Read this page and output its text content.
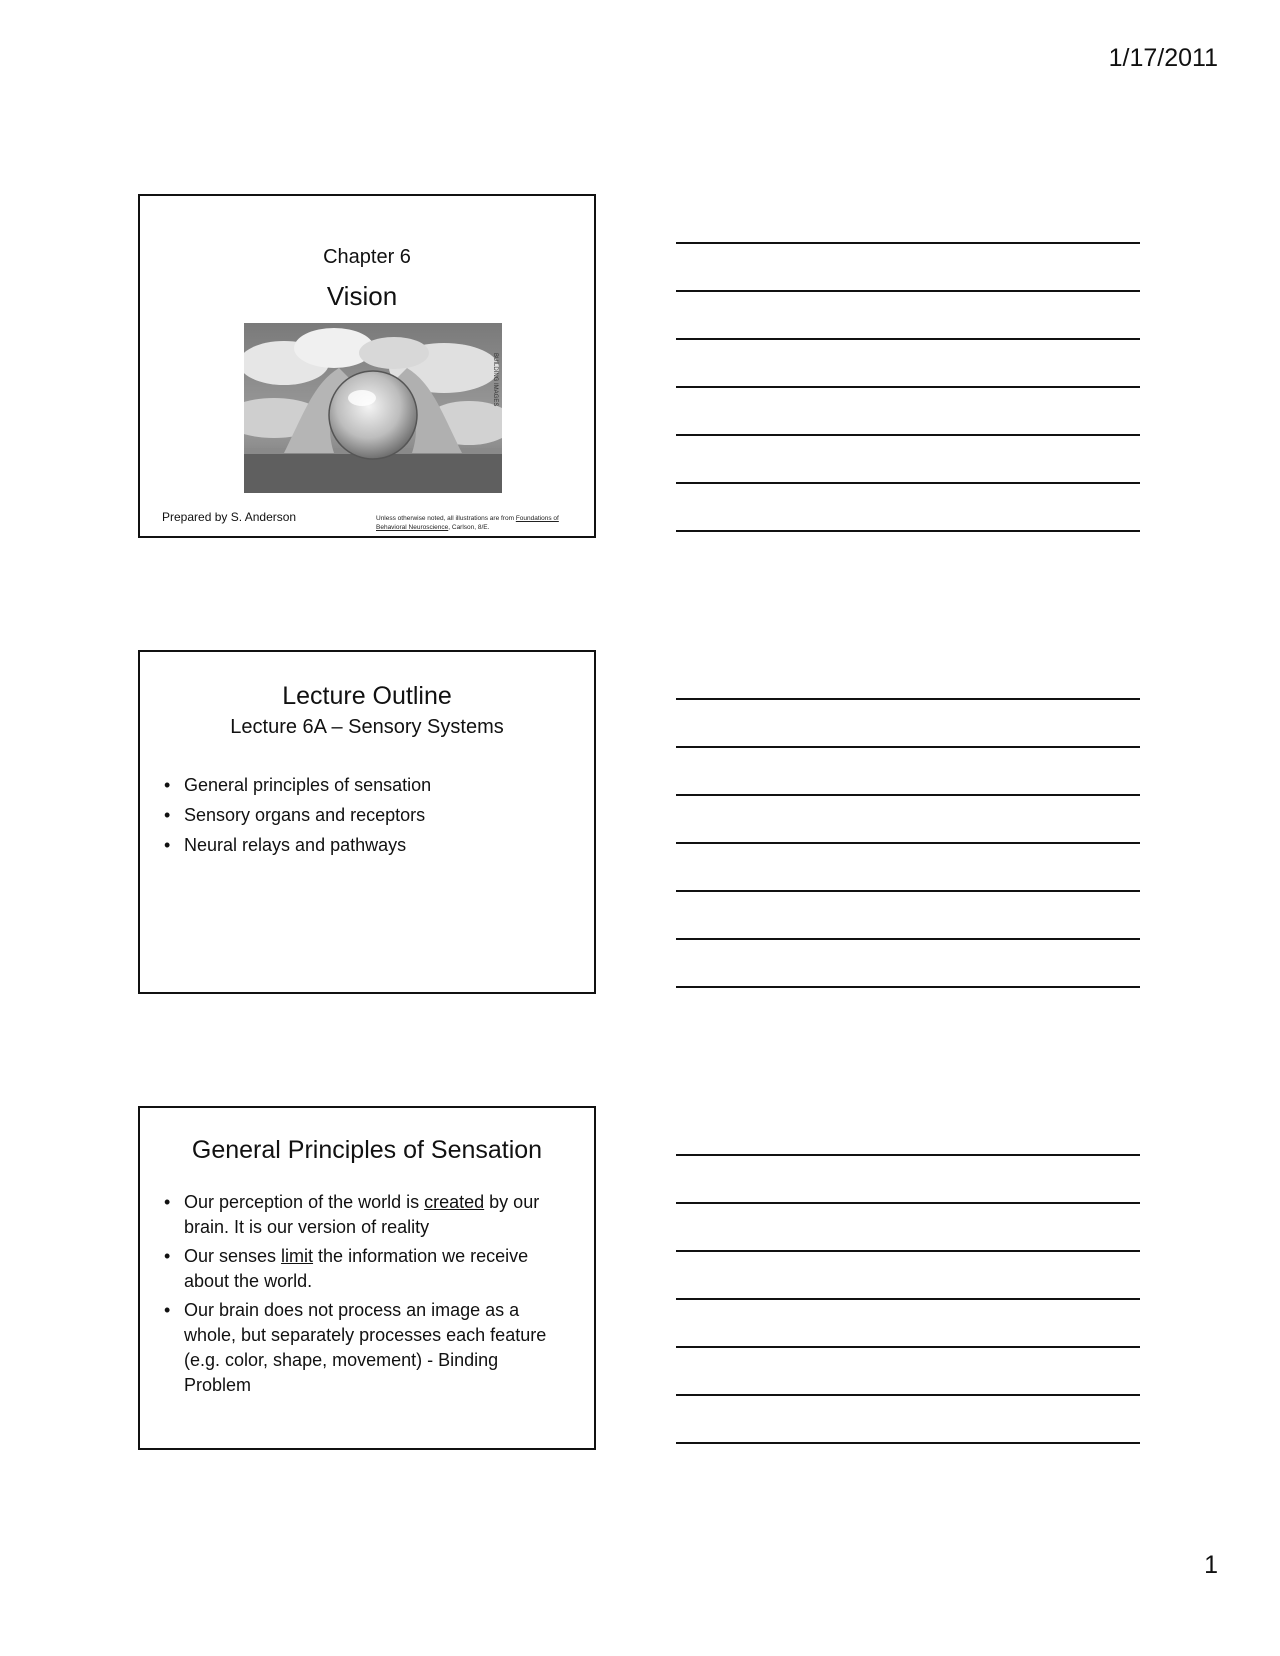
1/17/2011
Chapter 6
Vision
BUILDING IMAGES
Prepared by S. Anderson	Unless otherwise noted, all illustrations are from Foundations of Behavioral Neuroscience, Carlson, 8/E.
Lecture Outline
Lecture 6A – Sensory Systems
• General principles of sensation
• Sensory organs and receptors
• Neural relays and pathways
General Principles of Sensation
• Our perception of the world is created by our brain. It is our version of reality
• Our senses limit the information we receive about the world.
• Our brain does not process an image as a whole, but separately processes each feature (e.g. color, shape, movement) - Binding Problem
1
